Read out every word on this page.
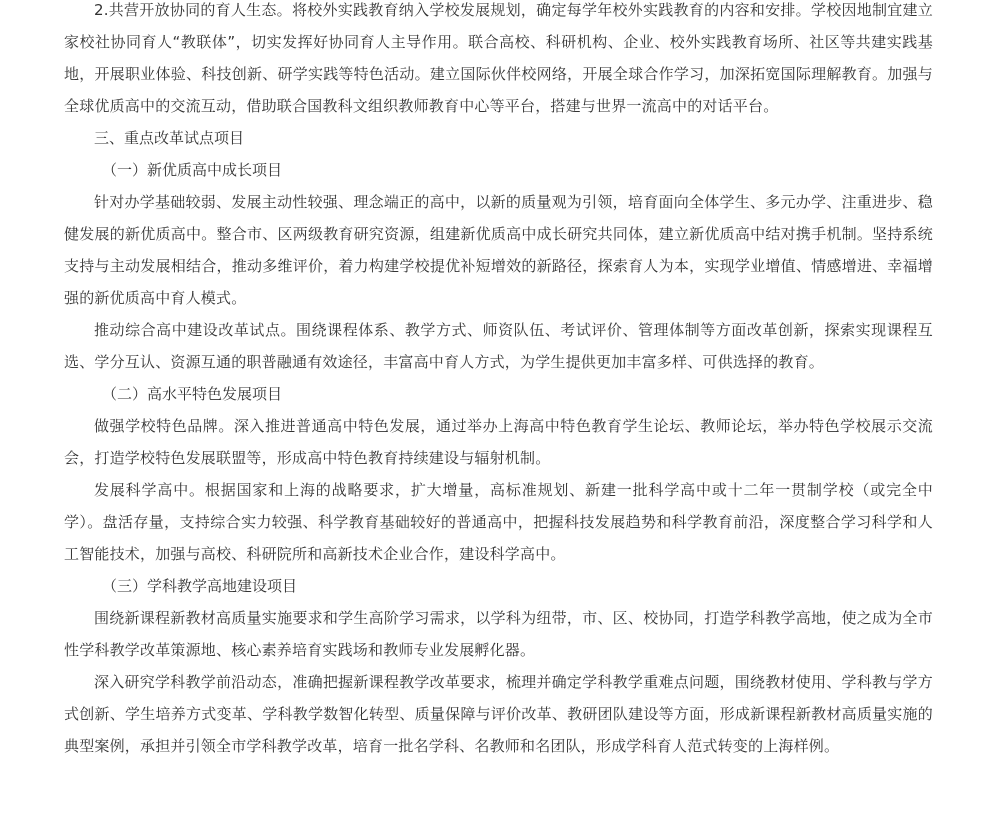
2.共营开放协同的育人生态。将校外实践教育纳入学校发展规划，确定每学年校外实践教育的内容和安排。学校因地制宜建立家校社协同育人“教联体”，切实发挥好协同育人主导作用。联合高校、科研机构、企业、校外实践教育场所、社区等共建实践基地，开展职业体验、科技创新、研学实践等特色活动。建立国际伙伴校网络，开展全球合作学习，加深拓宽国际理解教育。加强与全球优质高中的交流互动，借助联合国教科文组织教师教育中心等平台，搭建与世界一流高中的对话平台。

三、重点改革试点项目

（一）新优质高中成长项目

针对办学基础较弱、发展主动性较强、理念端正的高中，以新的质量观为引领，培育面向全体学生、多元办学、注重进步、稳健发展的新优质高中。整合市、区两级教育研究资源，组建新优质高中成长研究共同体，建立新优质高中结对携手机制。坚持系统支持与主动发展相结合，推动多维评价，着力构建学校提优补短增效的新路径，探索育人为本，实现学业增值、情感增进、幸福增强的新优质高中育人模式。

推动综合高中建设改革试点。围绕课程体系、教学方式、师资队伍、考试评价、管理体制等方面改革创新，探索实现课程互选、学分互认、资源互通的职普融通有效途径，丰富高中育人方式，为学生提供更加丰富多样、可供选择的教育。

（二）高水平特色发展项目

做强学校特色品牌。深入推进普通高中特色发展，通过举办上海高中特色教育学生论坛、教师论坛，举办特色学校展示交流会，打造学校特色发展联盟等，形成高中特色教育持续建设与辐射机制。

发展科学高中。根据国家和上海的战略要求，扩大增量，高标准规划、新建一批科学高中或十二年一贯制学校（或完全中学）。盘活存量，支持综合实力较强、科学教育基础较好的普通高中，把握科技发展趋势和科学教育前沿，深度整合学习科学和人工智能技术，加强与高校、科研院所和高新技术企业合作，建设科学高中。

（三）学科教学高地建设项目

围绕新课程新教材高质量实施要求和学生高阶学习需求，以学科为纽带，市、区、校协同，打造学科教学高地，使之成为全市性学科教学改革策源地、核心素养培育实践场和教师专业发展孵化器。

深入研究学科教学前沿动态，准确把握新课程教学改革要求，梳理并确定学科教学重难点问题，围绕教材使用、学科教与学方式创新、学生培养方式变革、学科教学数智化转型、质量保障与评价改革、教研团队建设等方面，形成新课程新教材高质量实施的典型案例，承担并引领全市学科教学改革，培育一批名学科、名教师和名团队，形成学科育人范式转变的上海样例。
